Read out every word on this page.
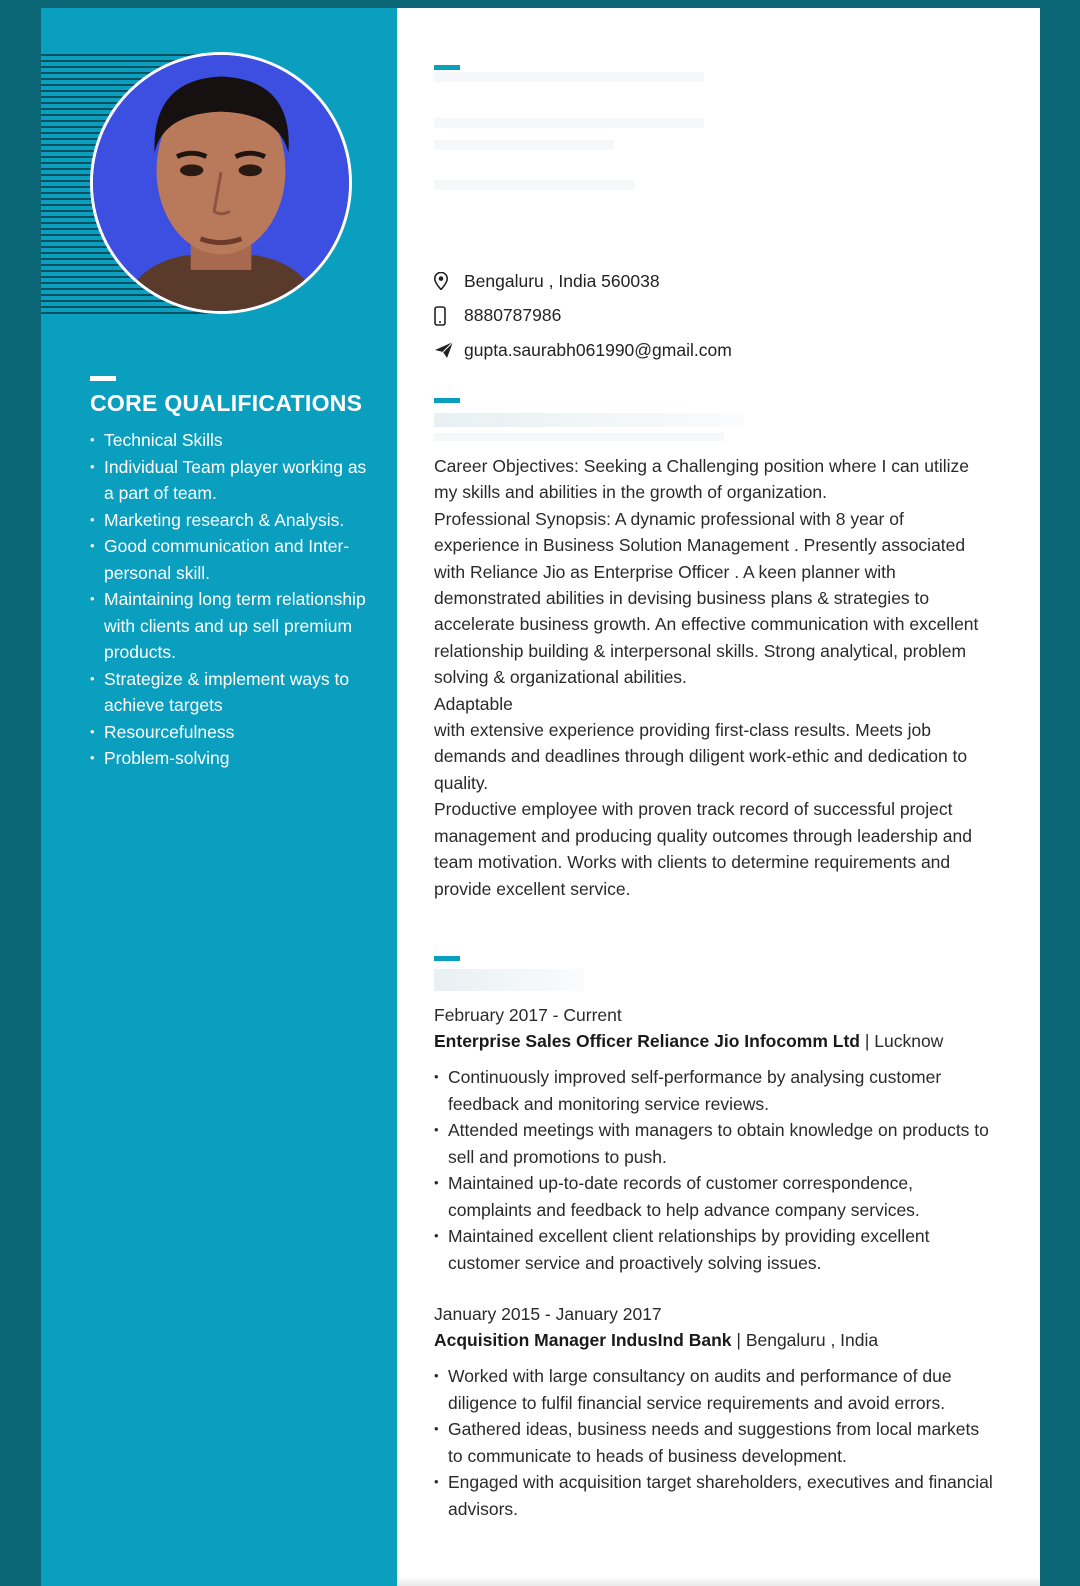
CORE QUALIFICATIONS
• Technical Skills
• Individual Team player working as a part of team.
• Marketing research & Analysis.
• Good communication and Inter-personal skill.
• Maintaining long term relationship with clients and up sell premium products.
• Strategize & implement ways to achieve targets
• Resourcefulness
• Problem-solving
Bengaluru , India 560038
8880787986
gupta.saurabh061990@gmail.com

Career Objectives: Seeking a Challenging position where I can utilize my skills and abilities in the growth of organization.

Professional Synopsis: A dynamic professional with 8 year of experience in Business Solution Management . Presently associated with Reliance Jio as Enterprise Officer . A keen planner with demonstrated abilities in devising business plans & strategies to accelerate business growth. An effective communication with excellent relationship building & interpersonal skills. Strong analytical, problem solving & organizational abilities.

Adaptable

with extensive experience providing first-class results. Meets job demands and deadlines through diligent work-ethic and dedication to quality.

Productive employee with proven track record of successful project management and producing quality outcomes through leadership and team motivation. Works with clients to determine requirements and provide excellent service.

February 2017 - Current
Enterprise Sales Officer Reliance Jio Infocomm Ltd | Lucknow
• Continuously improved self-performance by analysing customer feedback and monitoring service reviews.
• Attended meetings with managers to obtain knowledge on products to sell and promotions to push.
• Maintained up-to-date records of customer correspondence, complaints and feedback to help advance company services.
• Maintained excellent client relationships by providing excellent customer service and proactively solving issues.
January 2015 - January 2017
Acquisition Manager IndusInd Bank | Bengaluru , India
• Worked with large consultancy on audits and performance of due diligence to fulfil financial service requirements and avoid errors.
• Gathered ideas, business needs and suggestions from local markets to communicate to heads of business development.
• Engaged with acquisition target shareholders, executives and financial advisors.
